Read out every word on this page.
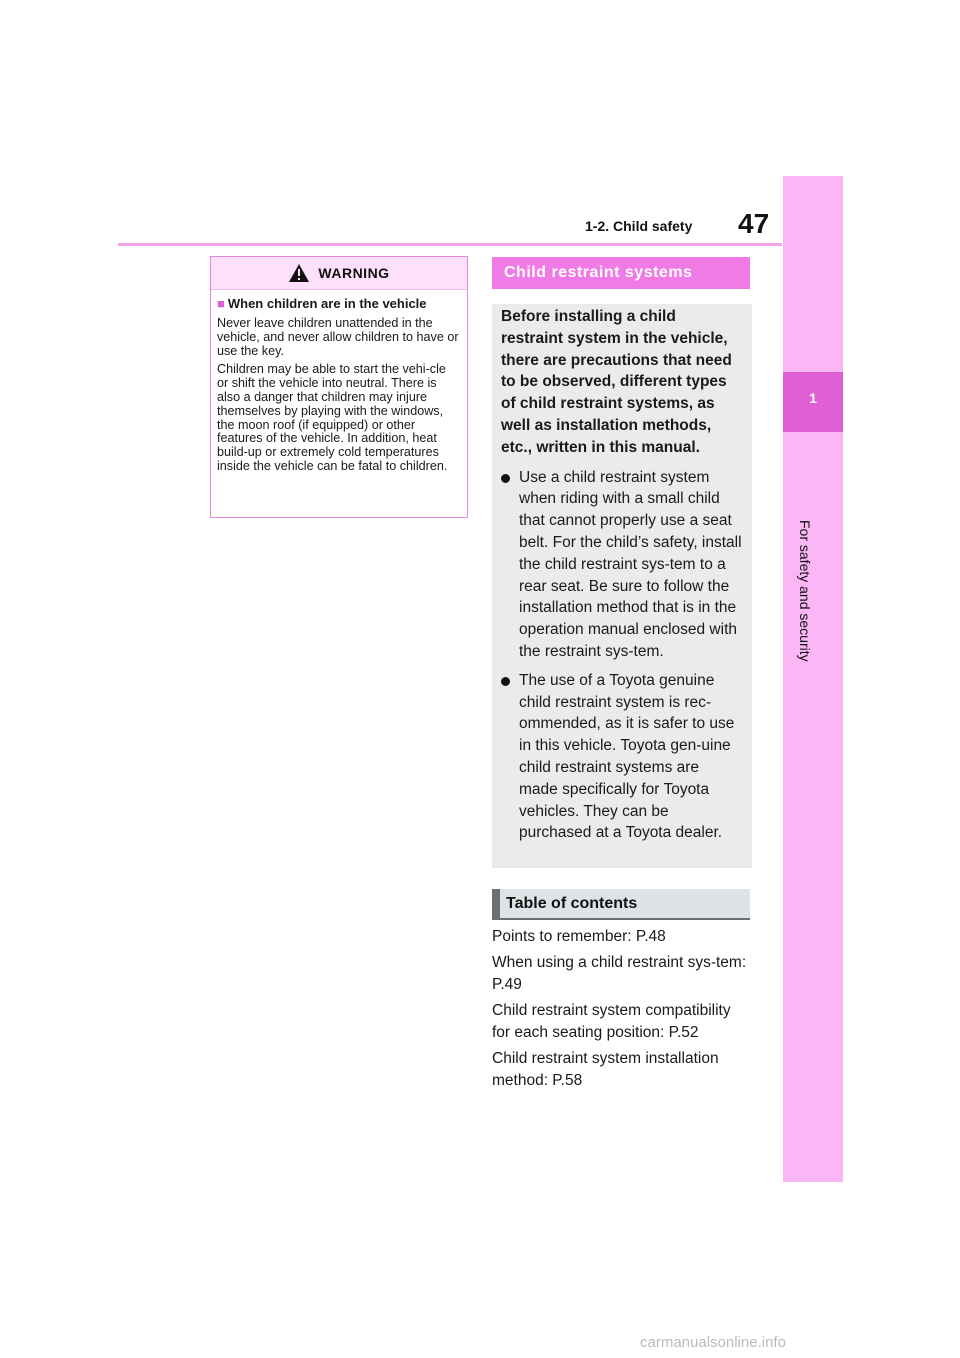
47
1-2. Child safety
1
For safety and security
WARNING

■ When children are in the vehicle

Never leave children unattended in the vehicle, and never allow children to have or use the key.

Children may be able to start the vehi-cle or shift the vehicle into neutral. There is also a danger that children may injure themselves by playing with the windows, the moon roof (if equipped) or other features of the vehicle. In addition, heat build-up or extremely cold temperatures inside the vehicle can be fatal to children.

Child restraint systems

Before installing a child restraint system in the vehicle, there are precautions that need to be observed, different types of child restraint systems, as well as installation methods, etc., written in this manual.

Use a child restraint system when riding with a small child that cannot properly use a seat belt. For the child’s safety, install the child restraint sys-tem to a rear seat. Be sure to follow the installation method that is in the operation manual enclosed with the restraint sys-tem.
The use of a Toyota genuine child restraint system is rec-ommended, as it is safer to use in this vehicle. Toyota gen-uine child restraint systems are made specifically for Toyota vehicles. They can be purchased at a Toyota dealer.
Table of contents

Points to remember: P.48

When using a child restraint sys-tem: P.49

Child restraint system compatibility for each seating position: P.52

Child restraint system installation method: P.58

carmanualsonline.info
